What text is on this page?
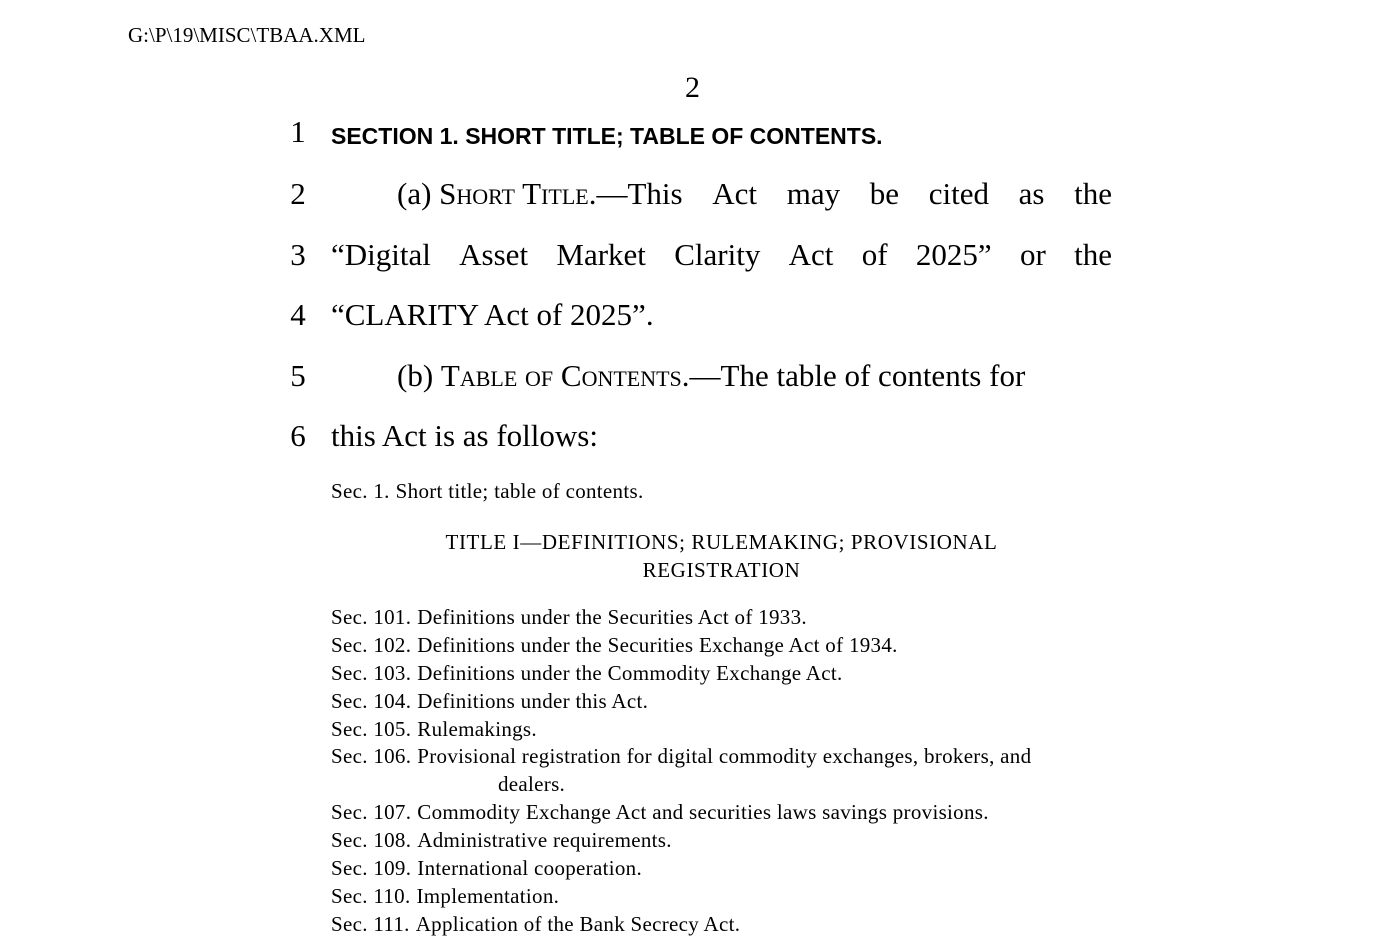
G:\P\19\MISC\TBAA.XML
2
1
2
3
4
5
6
SECTION 1. SHORT TITLE; TABLE OF CONTENTS.
(a) Short Title.—This Act may be cited as the
“Digital Asset Market Clarity Act of 2025” or the
“CLARITY Act of 2025”.
(b) Table of Contents.—The table of contents for
this Act is as follows:
Sec. 1. Short title; table of contents.
TITLE I—DEFINITIONS; RULEMAKING; PROVISIONAL
REGISTRATION
Sec. 101. Definitions under the Securities Act of 1933.
Sec. 102. Definitions under the Securities Exchange Act of 1934.
Sec. 103. Definitions under the Commodity Exchange Act.
Sec. 104. Definitions under this Act.
Sec. 105. Rulemakings.
Sec. 106. Provisional registration for digital commodity exchanges, brokers, and
dealers.
Sec. 107. Commodity Exchange Act and securities laws savings provisions.
Sec. 108. Administrative requirements.
Sec. 109. International cooperation.
Sec. 110. Implementation.
Sec. 111. Application of the Bank Secrecy Act.
